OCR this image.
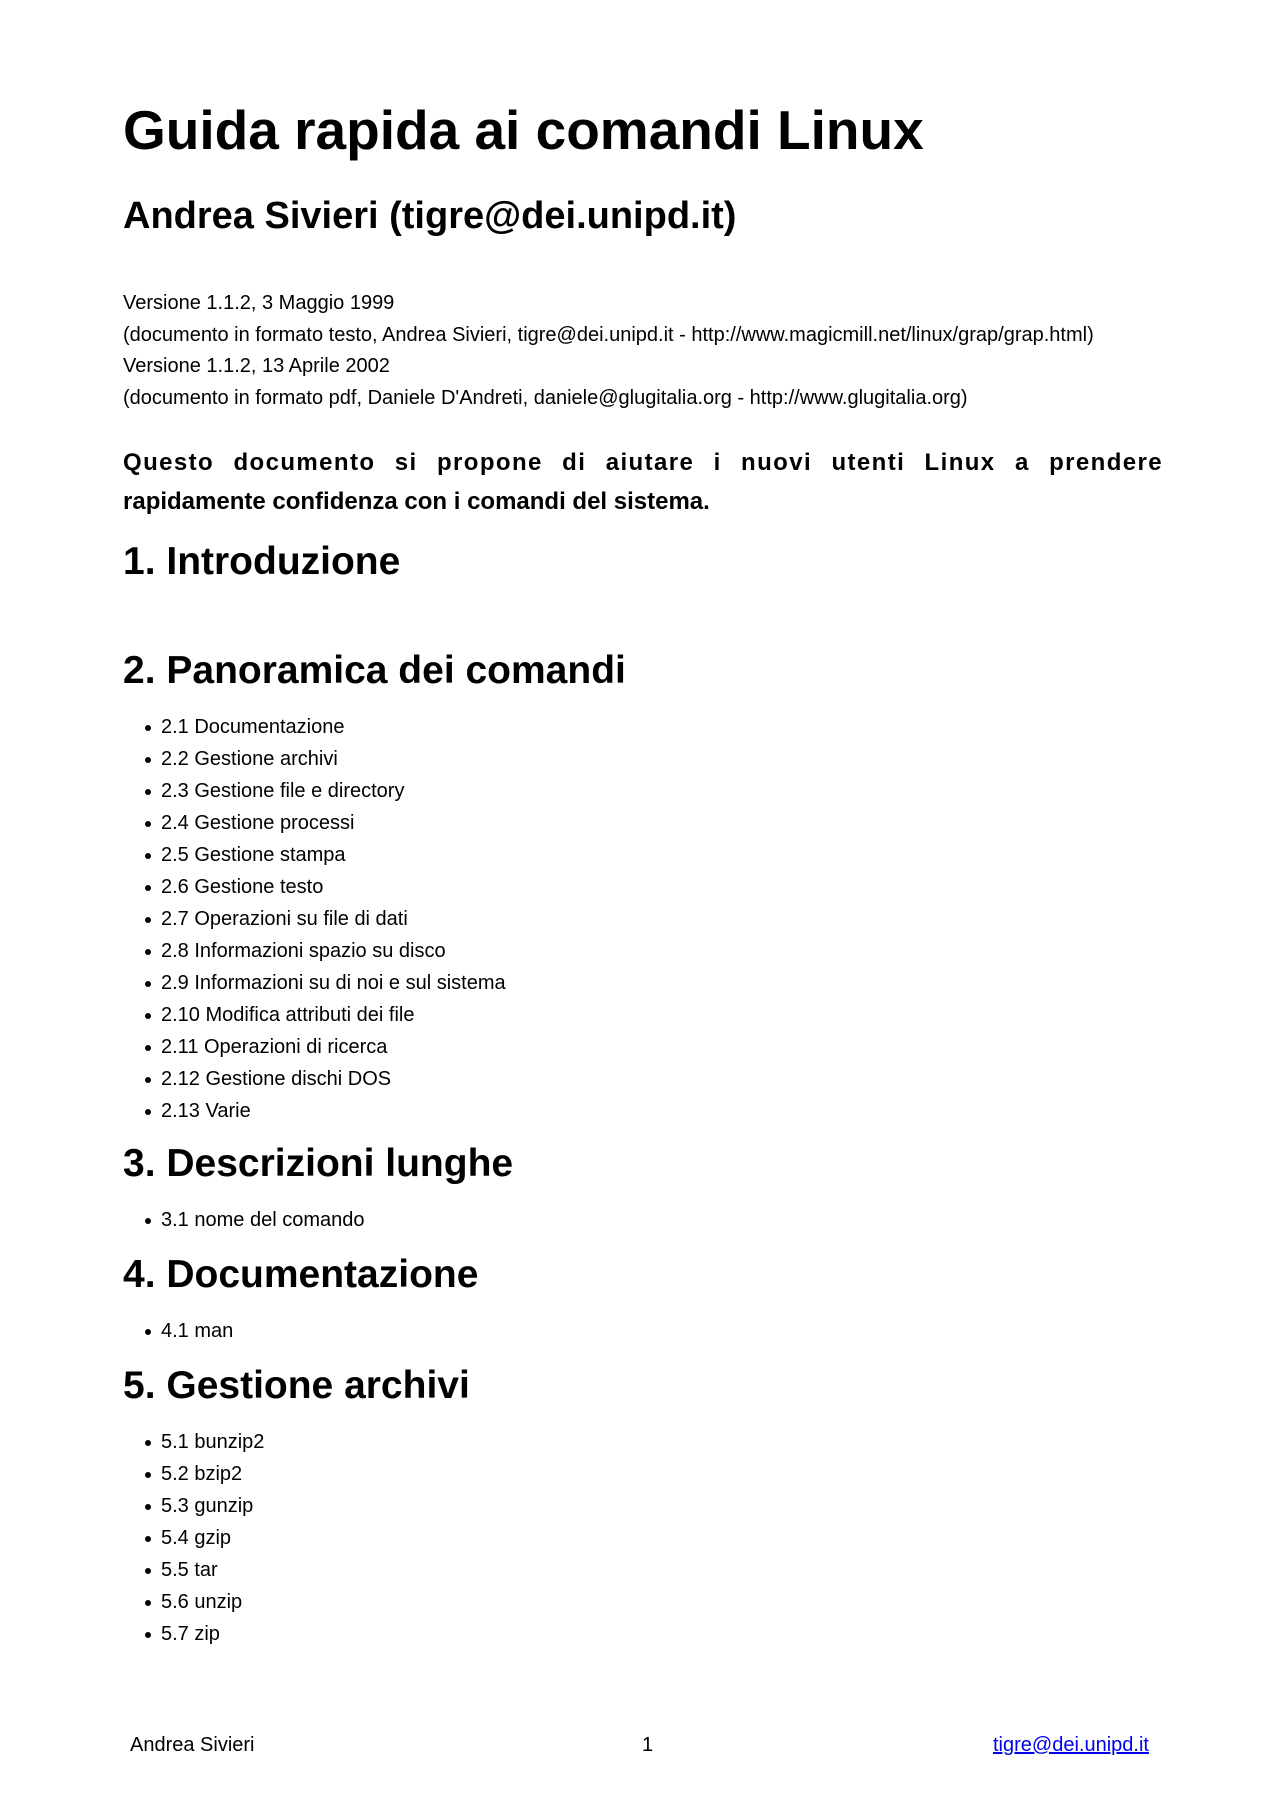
Guida rapida ai comandi Linux
Andrea Sivieri (tigre@dei.unipd.it)
Versione 1.1.2, 3 Maggio 1999
(documento in formato testo, Andrea Sivieri, tigre@dei.unipd.it - http://www.magicmill.net/linux/grap/grap.html)
Versione 1.1.2, 13 Aprile 2002
(documento in formato pdf, Daniele D'Andreti, daniele@glugitalia.org - http://www.glugitalia.org)

Questo documento si propone di aiutare i nuovi utenti Linux a prendere
rapidamente confidenza con i comandi del sistema.

1. Introduzione
2. Panoramica dei comandi
2.1 Documentazione
2.2 Gestione archivi
2.3 Gestione file e directory
2.4 Gestione processi
2.5 Gestione stampa
2.6 Gestione testo
2.7 Operazioni su file di dati
2.8 Informazioni spazio su disco
2.9 Informazioni su di noi e sul sistema
2.10 Modifica attributi dei file
2.11 Operazioni di ricerca
2.12 Gestione dischi DOS
2.13 Varie
3. Descrizioni lunghe
3.1 nome del comando
4. Documentazione
4.1 man
5. Gestione archivi
5.1 bunzip2
5.2 bzip2
5.3 gunzip
5.4 gzip
5.5 tar
5.6 unzip
5.7 zip
Andrea Sivieri	1	tigre@dei.unipd.it
